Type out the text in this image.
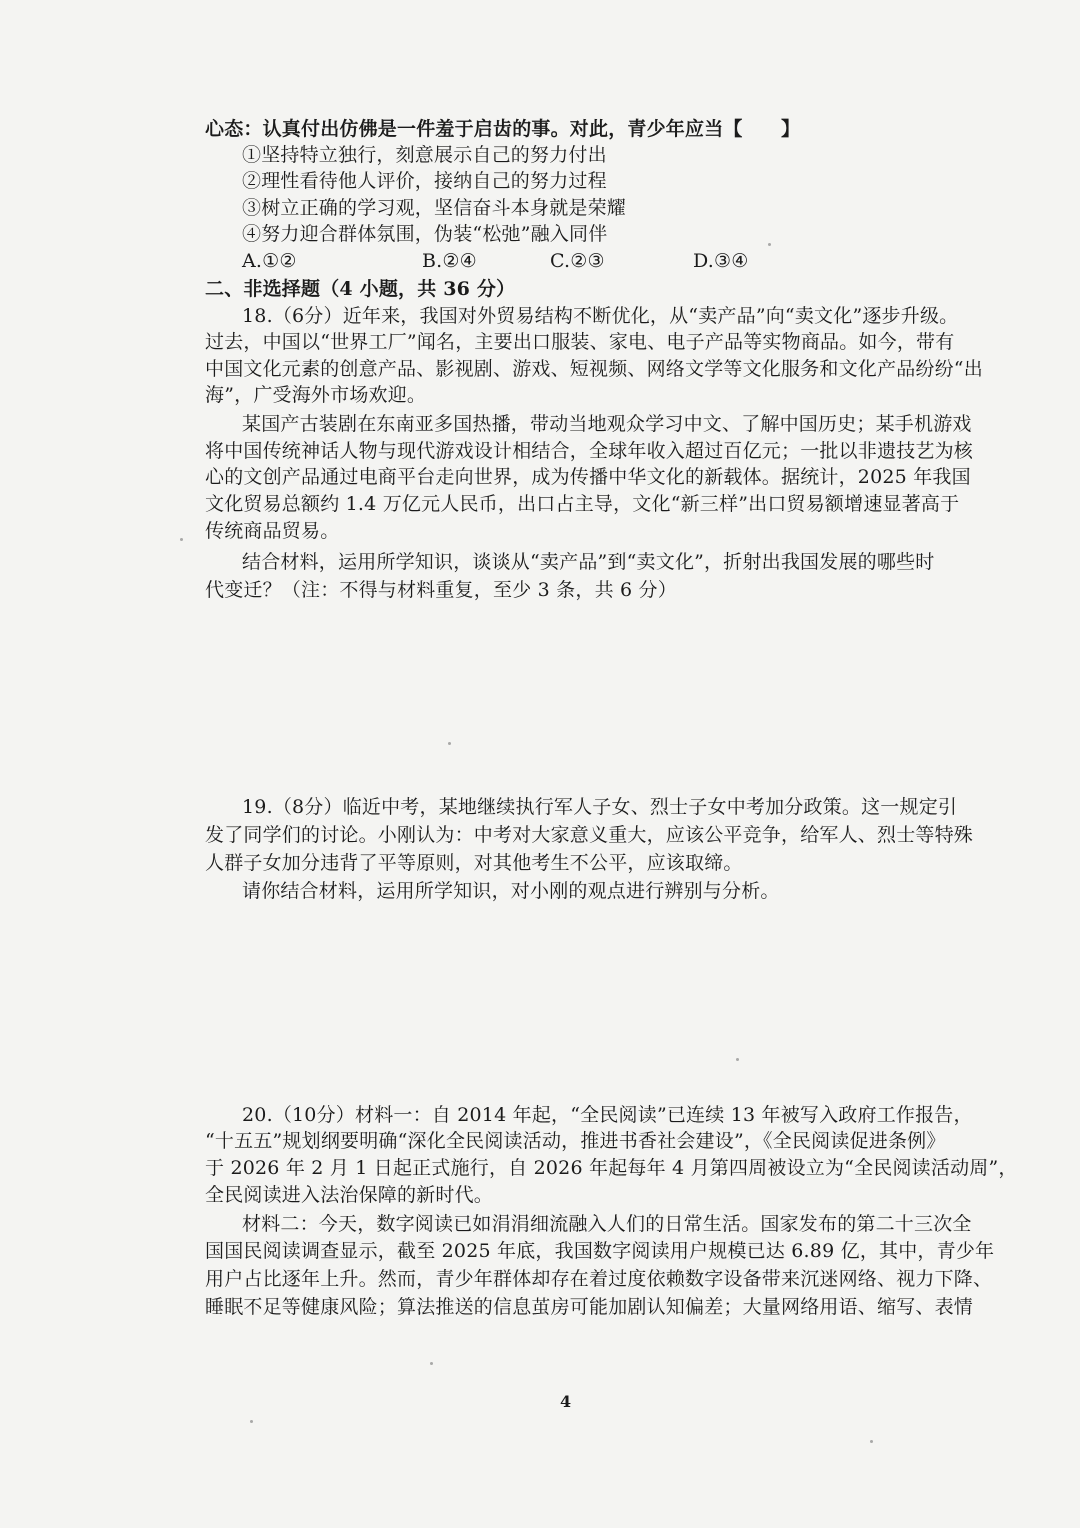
心态：认真付出仿佛是一件羞于启齿的事。对此，青少年应当【　　】
①坚持特立独行，刻意展示自己的努力付出
②理性看待他人评价，接纳自己的努力过程
③树立正确的学习观，坚信奋斗本身就是荣耀
④努力迎合群体氛围，伪装“松弛”融入同伴
A.①②	B.②④	C.②③	D.③④
二、非选择题（4 小题，共 36 分）
18.（6分）近年来，我国对外贸易结构不断优化，从“卖产品”向“卖文化”逐步升级。
过去，中国以“世界工厂”闻名，主要出口服装、家电、电子产品等实物商品。如今，带有
中国文化元素的创意产品、影视剧、游戏、短视频、网络文学等文化服务和文化产品纷纷“出
海”，广受海外市场欢迎。
某国产古装剧在东南亚多国热播，带动当地观众学习中文、了解中国历史；某手机游戏
将中国传统神话人物与现代游戏设计相结合，全球年收入超过百亿元；一批以非遗技艺为核
心的文创产品通过电商平台走向世界，成为传播中华文化的新载体。据统计，2025 年我国
文化贸易总额约 1.4 万亿元人民币，出口占主导，文化“新三样”出口贸易额增速显著高于
传统商品贸易。
结合材料，运用所学知识，谈谈从“卖产品”到“卖文化”，折射出我国发展的哪些时
代变迁？（注：不得与材料重复，至少 3 条，共 6 分）
19.（8分）临近中考，某地继续执行军人子女、烈士子女中考加分政策。这一规定引
发了同学们的讨论。小刚认为：中考对大家意义重大，应该公平竞争，给军人、烈士等特殊
人群子女加分违背了平等原则，对其他考生不公平，应该取缔。
请你结合材料，运用所学知识，对小刚的观点进行辨别与分析。
20.（10分）材料一：自 2014 年起，“全民阅读”已连续 13 年被写入政府工作报告，
“十五五”规划纲要明确“深化全民阅读活动，推进书香社会建设”，《全民阅读促进条例》
于 2026 年 2 月 1 日起正式施行，自 2026 年起每年 4 月第四周被设立为“全民阅读活动周”，
全民阅读进入法治保障的新时代。
材料二：今天，数字阅读已如涓涓细流融入人们的日常生活。国家发布的第二十三次全
国国民阅读调查显示，截至 2025 年底，我国数字阅读用户规模已达 6.89 亿，其中，青少年
用户占比逐年上升。然而，青少年群体却存在着过度依赖数字设备带来沉迷网络、视力下降、
睡眠不足等健康风险；算法推送的信息茧房可能加剧认知偏差；大量网络用语、缩写、表情
4
